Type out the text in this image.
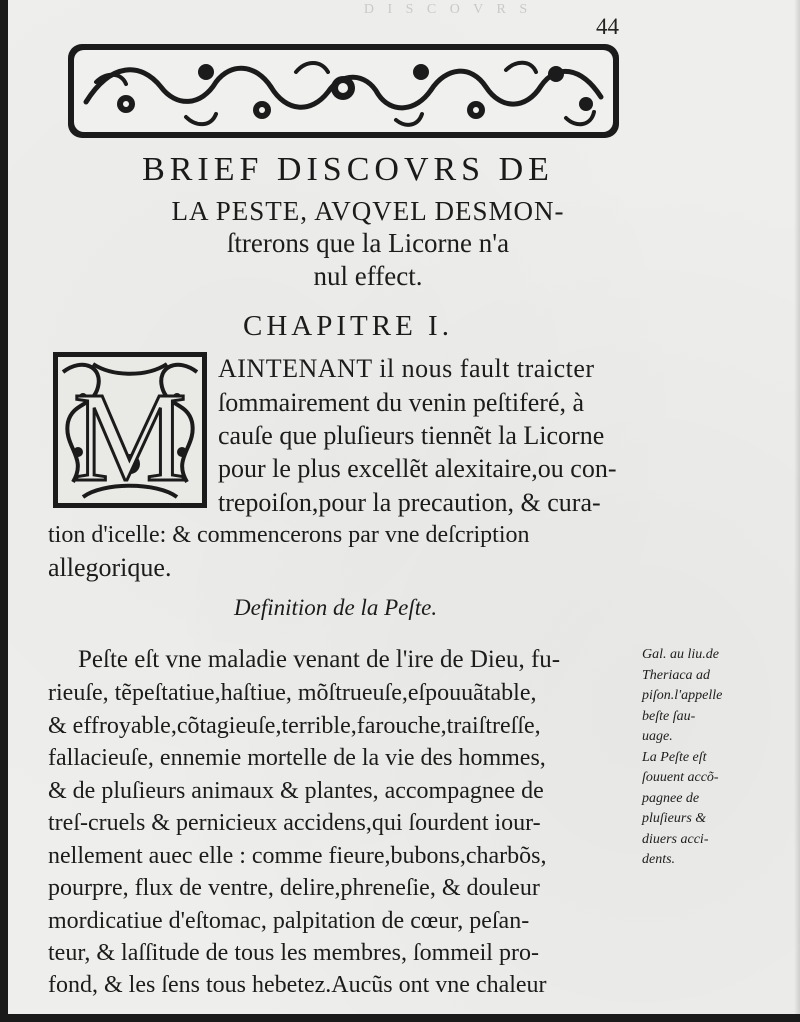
D I S C O V R S
44
BRIEF DISCOVRS DE
LA PESTE, AVQVEL DESMON-
ſtrerons que la Licorne n'a
nul effect.
CHAPITRE I.
M AINTENANT il nous fault traicter
ſommairement du venin peſtiferé, à
cauſe que pluſieurs tiennẽt la Licorne
pour le plus excellẽt alexitaire,ou con-
trepoiſon,pour la precaution, & cura-
tion d'icelle: & commencerons par vne deſcription
allegorique.
Definition de la Peſte.
Peſte eſt vne maladie venant de l'ire de Dieu, fu-
rieuſe, tẽpeſtatiue,haſtiue, mõſtrueuſe,eſpouuãtable,
& effroyable,cõtagieuſe,terrible,farouche,traiſtreſſe,
fallacieuſe, ennemie mortelle de la vie des hommes,
& de pluſieurs animaux & plantes, accompagnee de
treſ-cruels & pernicieux accidens,qui ſourdent iour-
nellement auec elle : comme fieure,bubons,charbõs,
pourpre, flux de ventre, delire,phreneſie, & douleur
mordicatiue d'eſtomac, palpitation de cœur, peſan-
teur, & laſſitude de tous les membres, ſommeil pro-
fond, & les ſens tous hebetez.Aucũs ont vne chaleur
Gal. au liu.de
Theriaca ad
piſon.l'appelle
beſte ſau-
uage.
La Peſte eſt
ſouuent accõ-
pagnee de
pluſieurs &
diuers acci-
dents.
